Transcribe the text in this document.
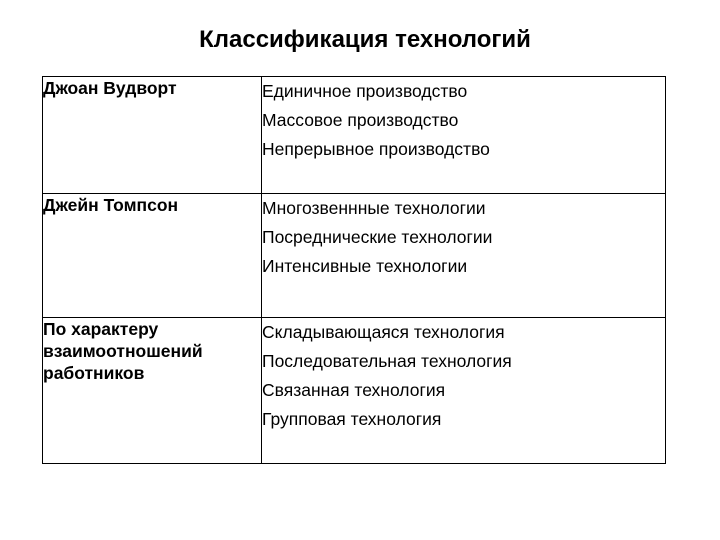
Классификация технологий
Джоан Вудворт	Единичное производство
Массовое производство
Непрерывное производство

Джейн Томпсон	Многозвеннные технологии
Посреднические технологии
Интенсивные технологии

По характеру взаимоотношений работников	Складывающаяся технология
Последовательная технология
Связанная технология
Групповая технология
